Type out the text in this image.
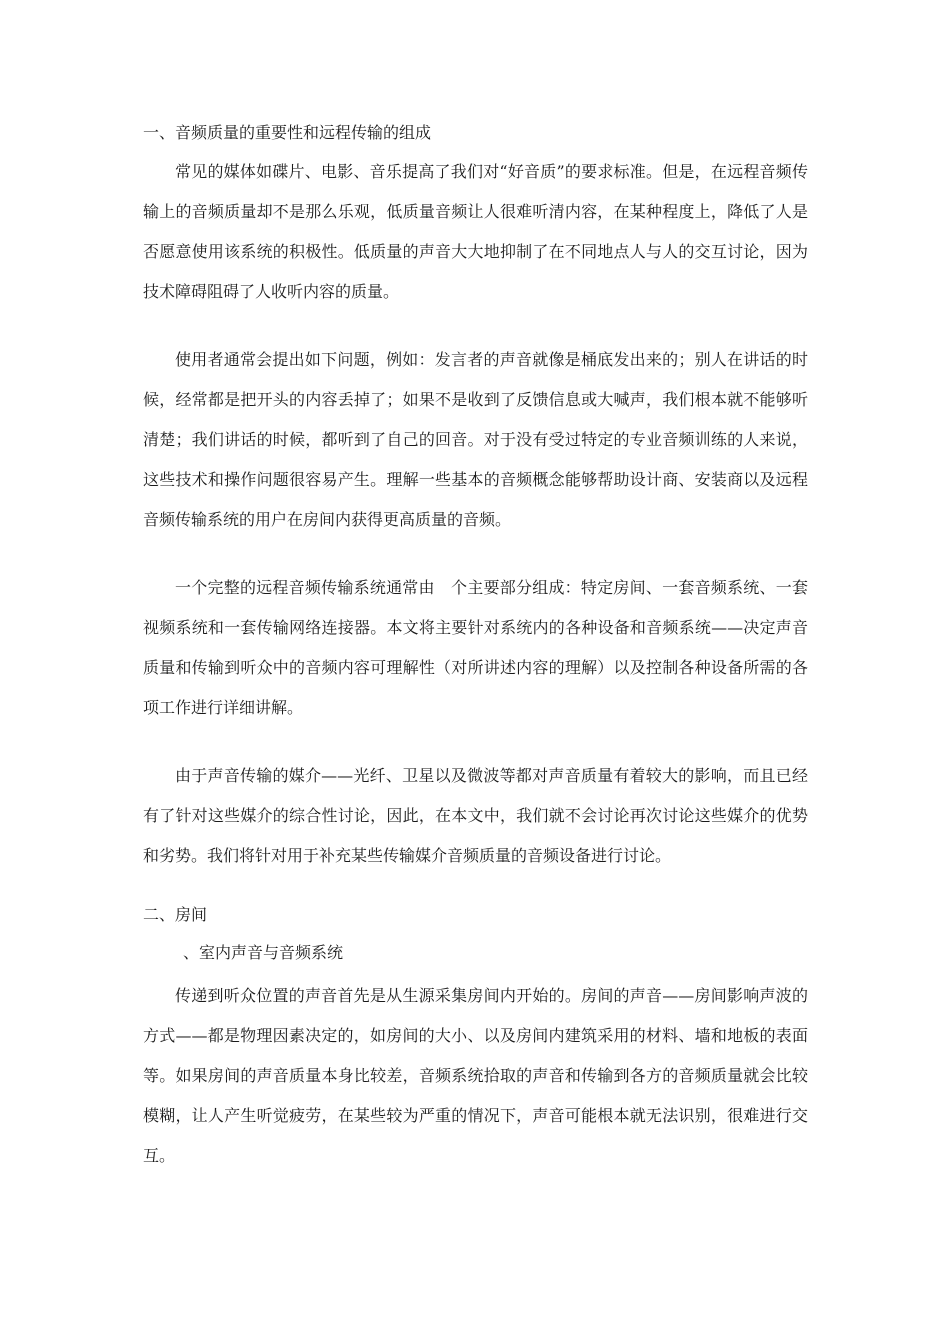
一、音频质量的重要性和远程传输的组成

常见的媒体如碟片、电影、音乐提高了我们对“好音质”的要求标准。但是，在远程音频传输上的音频质量却不是那么乐观，低质量音频让人很难听清内容，在某种程度上，降低了人是否愿意使用该系统的积极性。低质量的声音大大地抑制了在不同地点人与人的交互讨论，因为技术障碍阻碍了人收听内容的质量。

使用者通常会提出如下问题，例如：发言者的声音就像是桶底发出来的；别人在讲话的时候，经常都是把开头的内容丢掉了；如果不是收到了反馈信息或大喊声，我们根本就不能够听清楚；我们讲话的时候，都听到了自己的回音。对于没有受过特定的专业音频训练的人来说，这些技术和操作问题很容易产生。理解一些基本的音频概念能够帮助设计商、安装商以及远程音频传输系统的用户在房间内获得更高质量的音频。

一个完整的远程音频传输系统通常由　个主要部分组成：特定房间、一套音频系统、一套视频系统和一套传输网络连接器。本文将主要针对系统内的各种设备和音频系统——决定声音质量和传输到听众中的音频内容可理解性（对所讲述内容的理解）以及控制各种设备所需的各项工作进行详细讲解。

由于声音传输的媒介——光纤、卫星以及微波等都对声音质量有着较大的影响，而且已经有了针对这些媒介的综合性讨论，因此，在本文中，我们就不会讨论再次讨论这些媒介的优势和劣势。我们将针对用于补充某些传输媒介音频质量的音频设备进行讨论。

二、房间
、室内声音与音频系统

传递到听众位置的声音首先是从生源采集房间内开始的。房间的声音——房间影响声波的方式——都是物理因素决定的，如房间的大小、以及房间内建筑采用的材料、墙和地板的表面等。如果房间的声音质量本身比较差，音频系统拾取的声音和传输到各方的音频质量就会比较模糊，让人产生听觉疲劳，在某些较为严重的情况下，声音可能根本就无法识别，很难进行交互。
